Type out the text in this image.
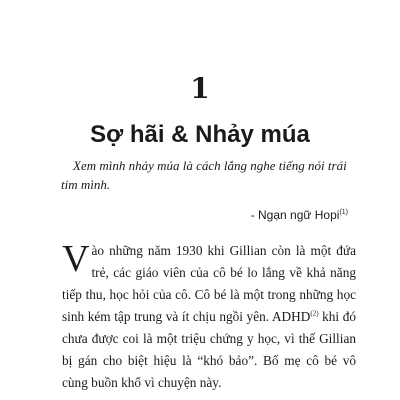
1
Sợ hãi & Nhảy múa

Xem mình nhảy múa là cách lắng nghe tiếng nói trái tim mình.

- Ngạn ngữ Hopi$^{(1)}$

Vào những năm 1930 khi Gillian còn là một đứa trẻ, các giáo viên của cô bé lo lắng về khả năng tiếp thu, học hỏi của cô. Cô bé là một trong những học sinh kém tập trung và ít chịu ngồi yên. ADHD$^{(2)}$ khi đó chưa được coi là một triệu chứng y học, vì thế Gillian bị gán cho biệt hiệu là “khó bảo”. Bố mẹ cô bé vô cùng buồn khổ vì chuyện này.
